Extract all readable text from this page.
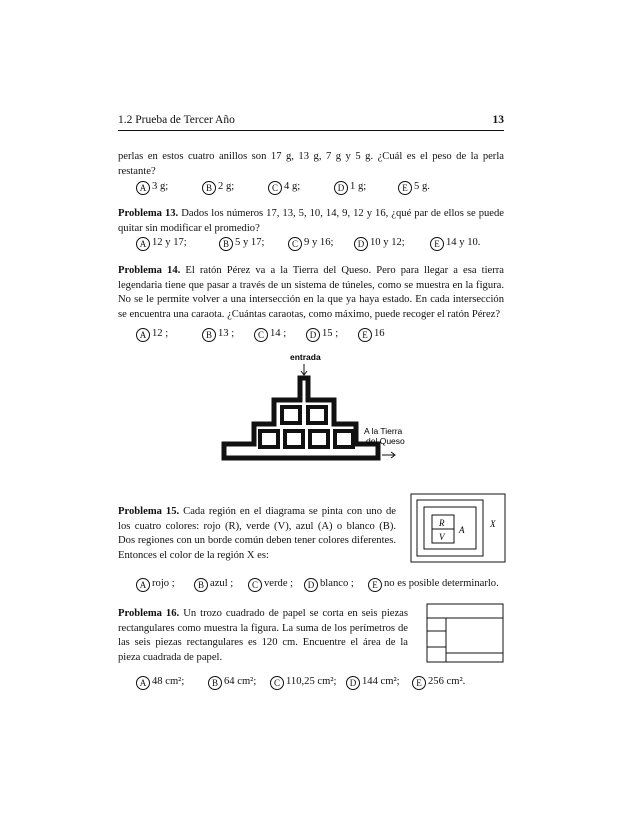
1.2 Prueba de Tercer Año	13
perlas en estos cuatro anillos son 17 g, 13 g, 7 g y 5 g. ¿Cuál es el peso de la perla restante?
A 3 g;	B 2 g;	C 4 g;	D 1 g;	E 5 g.
Problema 13. Dados los números 17, 13, 5, 10, 14, 9, 12 y 16, ¿qué par de ellos se puede quitar sin modificar el promedio?
A 12 y 17;	B 5 y 17;	C 9 y 16;	D 10 y 12;	E 14 y 10.
Problema 14. El ratón Pérez va a la Tierra del Queso. Pero para llegar a esa tierra legendaria tiene que pasar a través de un sistema de túneles, como se muestra en la figura. No se le permite volver a una intersección en la que ya haya estado. En cada intersección se encuentra una caraota. ¿Cuántas caraotas, como máximo, puede recoger el ratón Pérez?
A 12 ;	B 13 ;	C 14 ;	D 15 ;	E 16
entrada
A la Tierra
del Queso
Problema 15. Cada región en el diagrama se pinta con uno de los cuatro colores: rojo (R), verde (V), azul (A) o blanco (B). Dos regiones con un borde común deben tener colores diferentes. Entonces el color de la región X es:
R
V
A
X
A rojo ;	B azul ;	C verde ;	D blanco ;	E no es posible determinarlo.
Problema 16. Un trozo cuadrado de papel se corta en seis piezas rectangulares como muestra la figura. La suma de los perímetros de las seis piezas rectangulares es 120 cm. Encuentre el área de la pieza cuadrada de papel.
A 48 cm²;	B 64 cm²;	C 110,25 cm²;	D 144 cm²;	E 256 cm².
